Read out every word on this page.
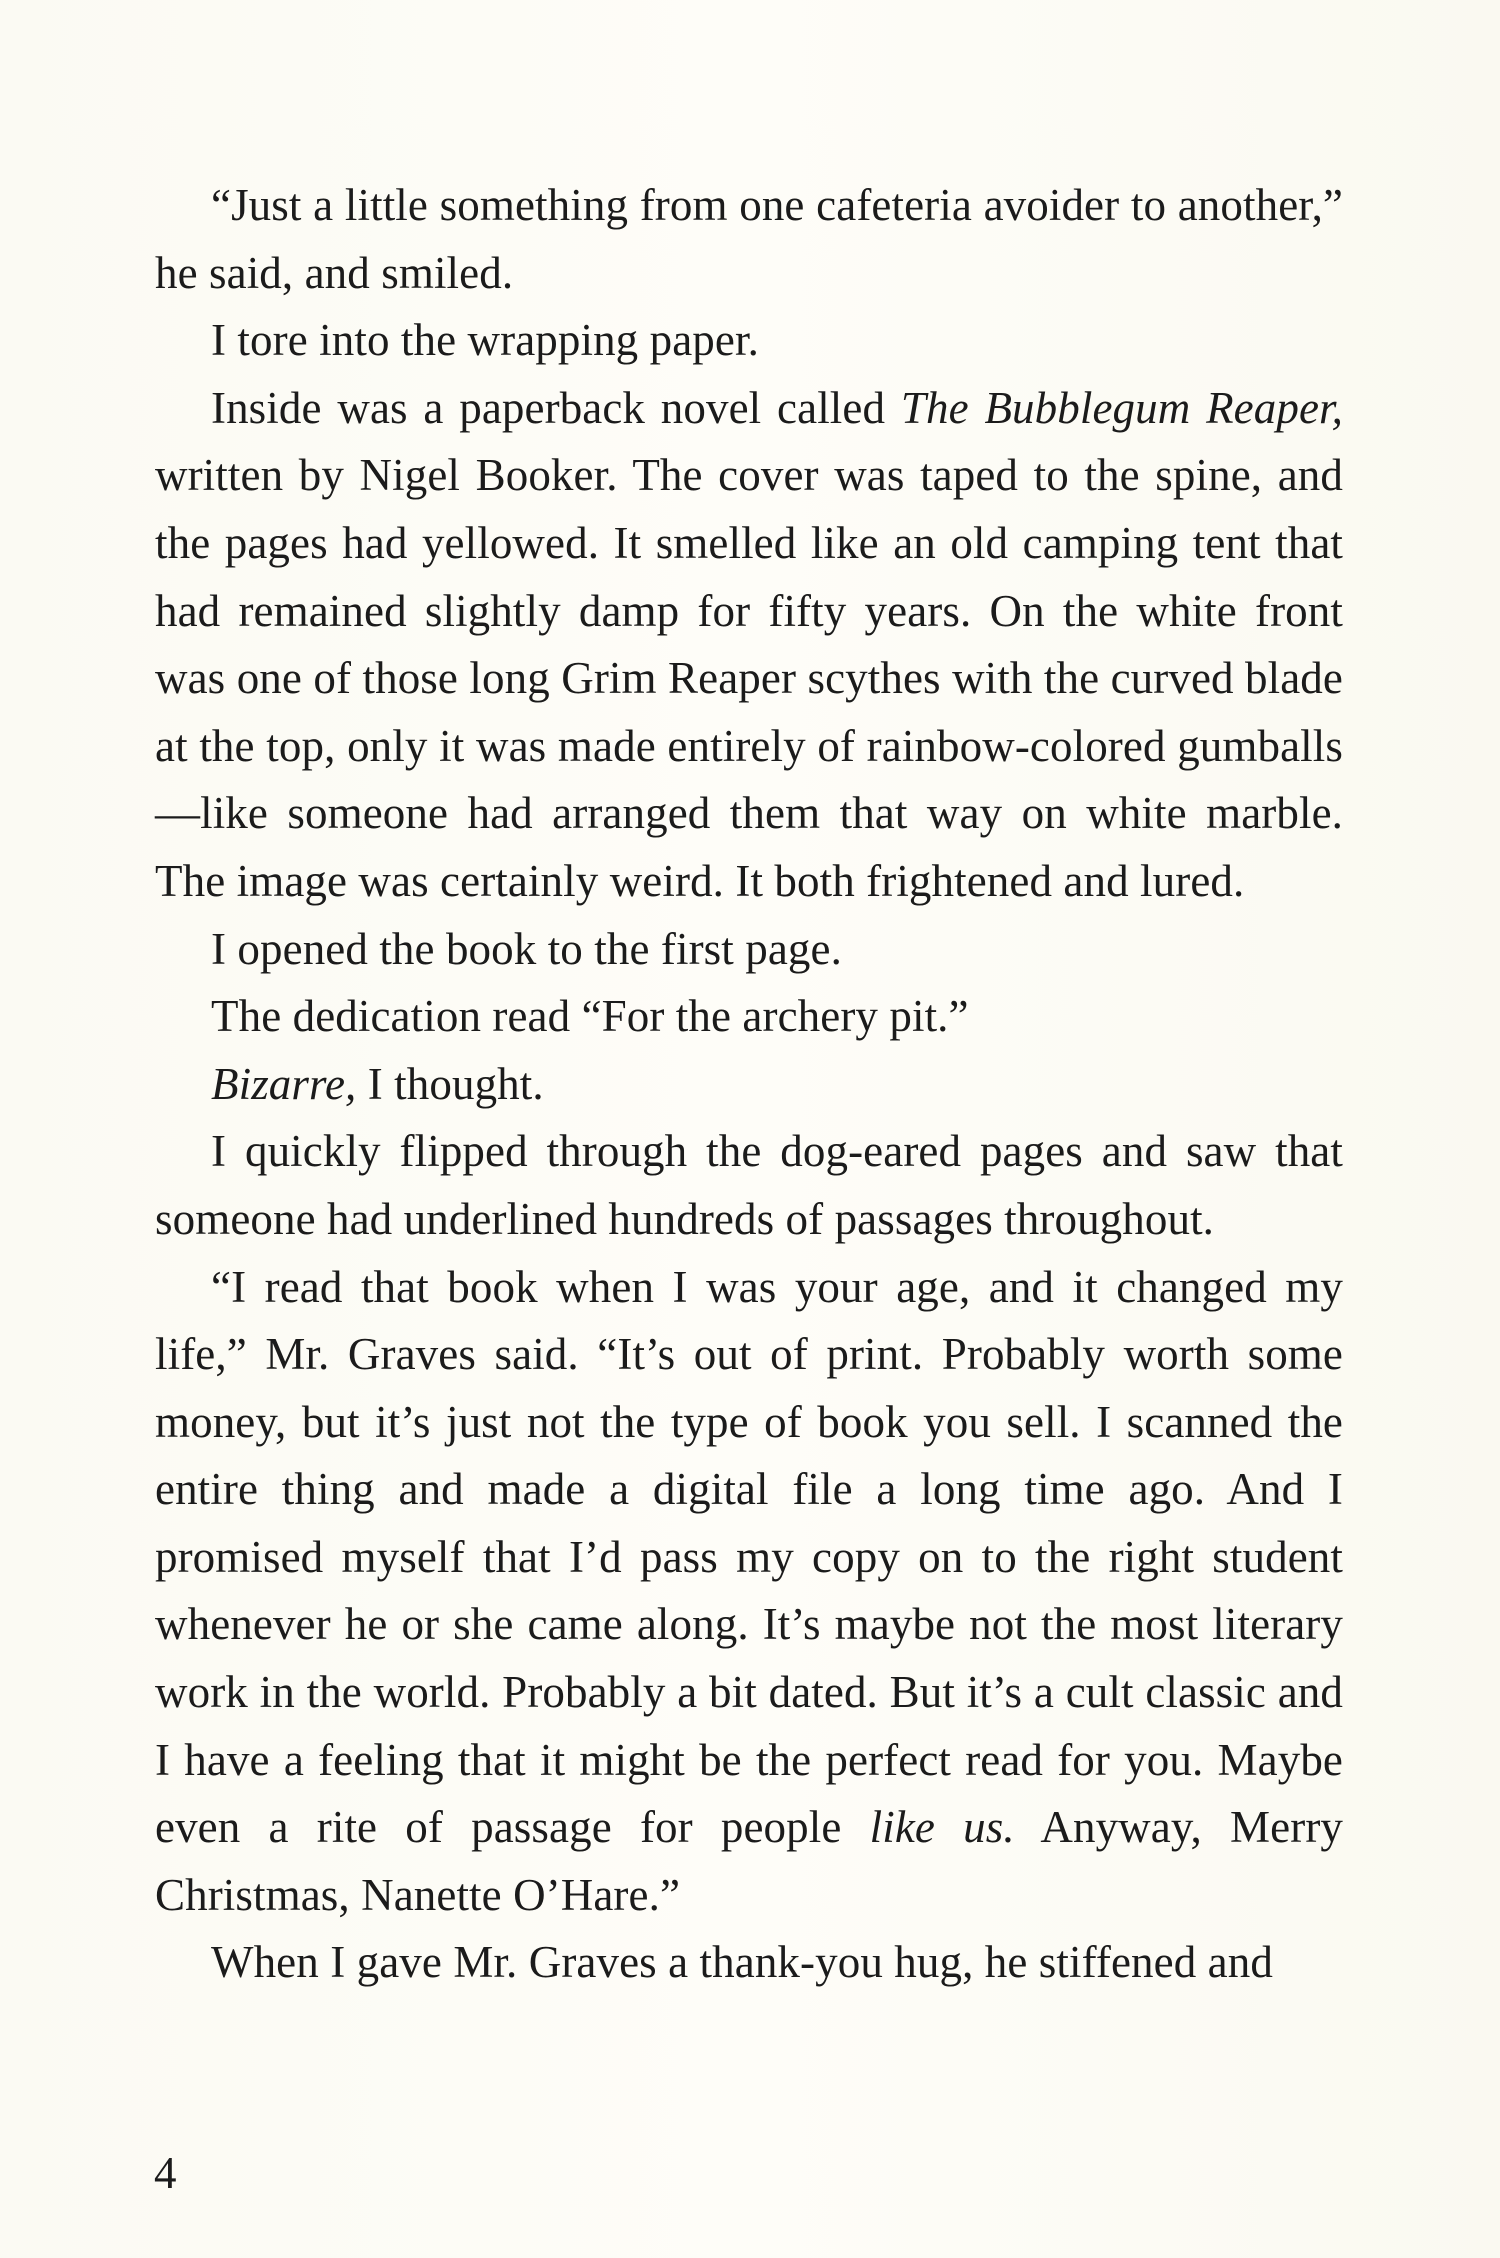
“Just a little something from one cafeteria avoider to another,” he said, and smiled.

I tore into the wrapping paper.

Inside was a paperback novel called The Bubblegum Reaper, written by Nigel Booker. The cover was taped to the spine, and the pages had yellowed. It smelled like an old camping tent that had remained slightly damp for fifty years. On the white front was one of those long Grim Reaper scythes with the curved blade at the top, only it was made entirely of rainbow-colored gumballs—like someone had arranged them that way on white marble. The image was certainly weird. It both frightened and lured.

I opened the book to the first page.

The dedication read “For the archery pit.”

Bizarre, I thought.

I quickly flipped through the dog-eared pages and saw that someone had underlined hundreds of passages throughout.

“I read that book when I was your age, and it changed my life,” Mr. Graves said. “It’s out of print. Probably worth some money, but it’s just not the type of book you sell. I scanned the entire thing and made a digital file a long time ago. And I promised myself that I’d pass my copy on to the right student whenever he or she came along. It’s maybe not the most literary work in the world. Probably a bit dated. But it’s a cult classic and I have a feeling that it might be the perfect read for you. Maybe even a rite of passage for people like us. Anyway, Merry Christmas, Nanette O’Hare.”

When I gave Mr. Graves a thank-you hug, he stiffened and

4
